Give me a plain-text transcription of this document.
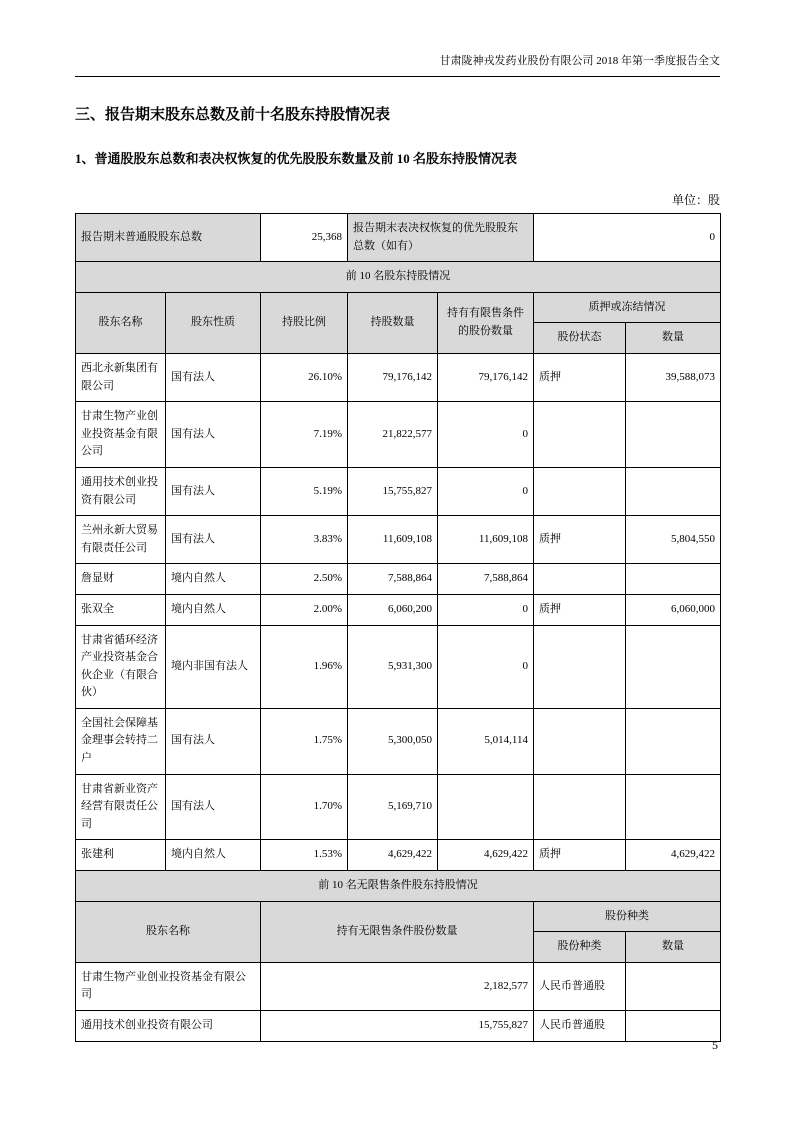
甘肃陇神戎发药业股份有限公司 2018 年第一季度报告全文
三、报告期末股东总数及前十名股东持股情况表
1、普通股股东总数和表决权恢复的优先股股东数量及前 10 名股东持股情况表
单位：股
报告期末普通股股东总数		25,368	报告期末表决权恢复的优先股股东总数（如有）		0	
前 10 名股东持股情况						
股东名称	股东性质	持股比例	持股数量	持有有限售条件的股份数量	质押或冻结情况	
					股份状态	数量
西北永新集团有限公司	国有法人	26.10%	79,176,142	79,176,142	质押	39,588,073
甘肃生物产业创业投资基金有限公司	国有法人	7.19%	21,822,577	0		
通用技术创业投资有限公司	国有法人	5.19%	15,755,827	0		
兰州永新大贸易有限责任公司	国有法人	3.83%	11,609,108	11,609,108	质押	5,804,550
詹显财	境内自然人	2.50%	7,588,864	7,588,864		
张双全	境内自然人	2.00%	6,060,200	0	质押	6,060,000
甘肃省循环经济产业投资基金合伙企业（有限合伙）	境内非国有法人	1.96%	5,931,300	0		
全国社会保障基金理事会转持二户	国有法人	1.75%	5,300,050	5,014,114		
甘肃省新业资产经营有限责任公司	国有法人	1.70%	5,169,710			
张建利	境内自然人	1.53%	4,629,422	4,629,422	质押	4,629,422
前 10 名无限售条件股东持股情况						
股东名称		持有无限售条件股份数量			股份种类	
					股份种类	数量
甘肃生物产业创业投资基金有限公司		2,182,577			人民币普通股	
通用技术创业投资有限公司		15,755,827			人民币普通股	
5
